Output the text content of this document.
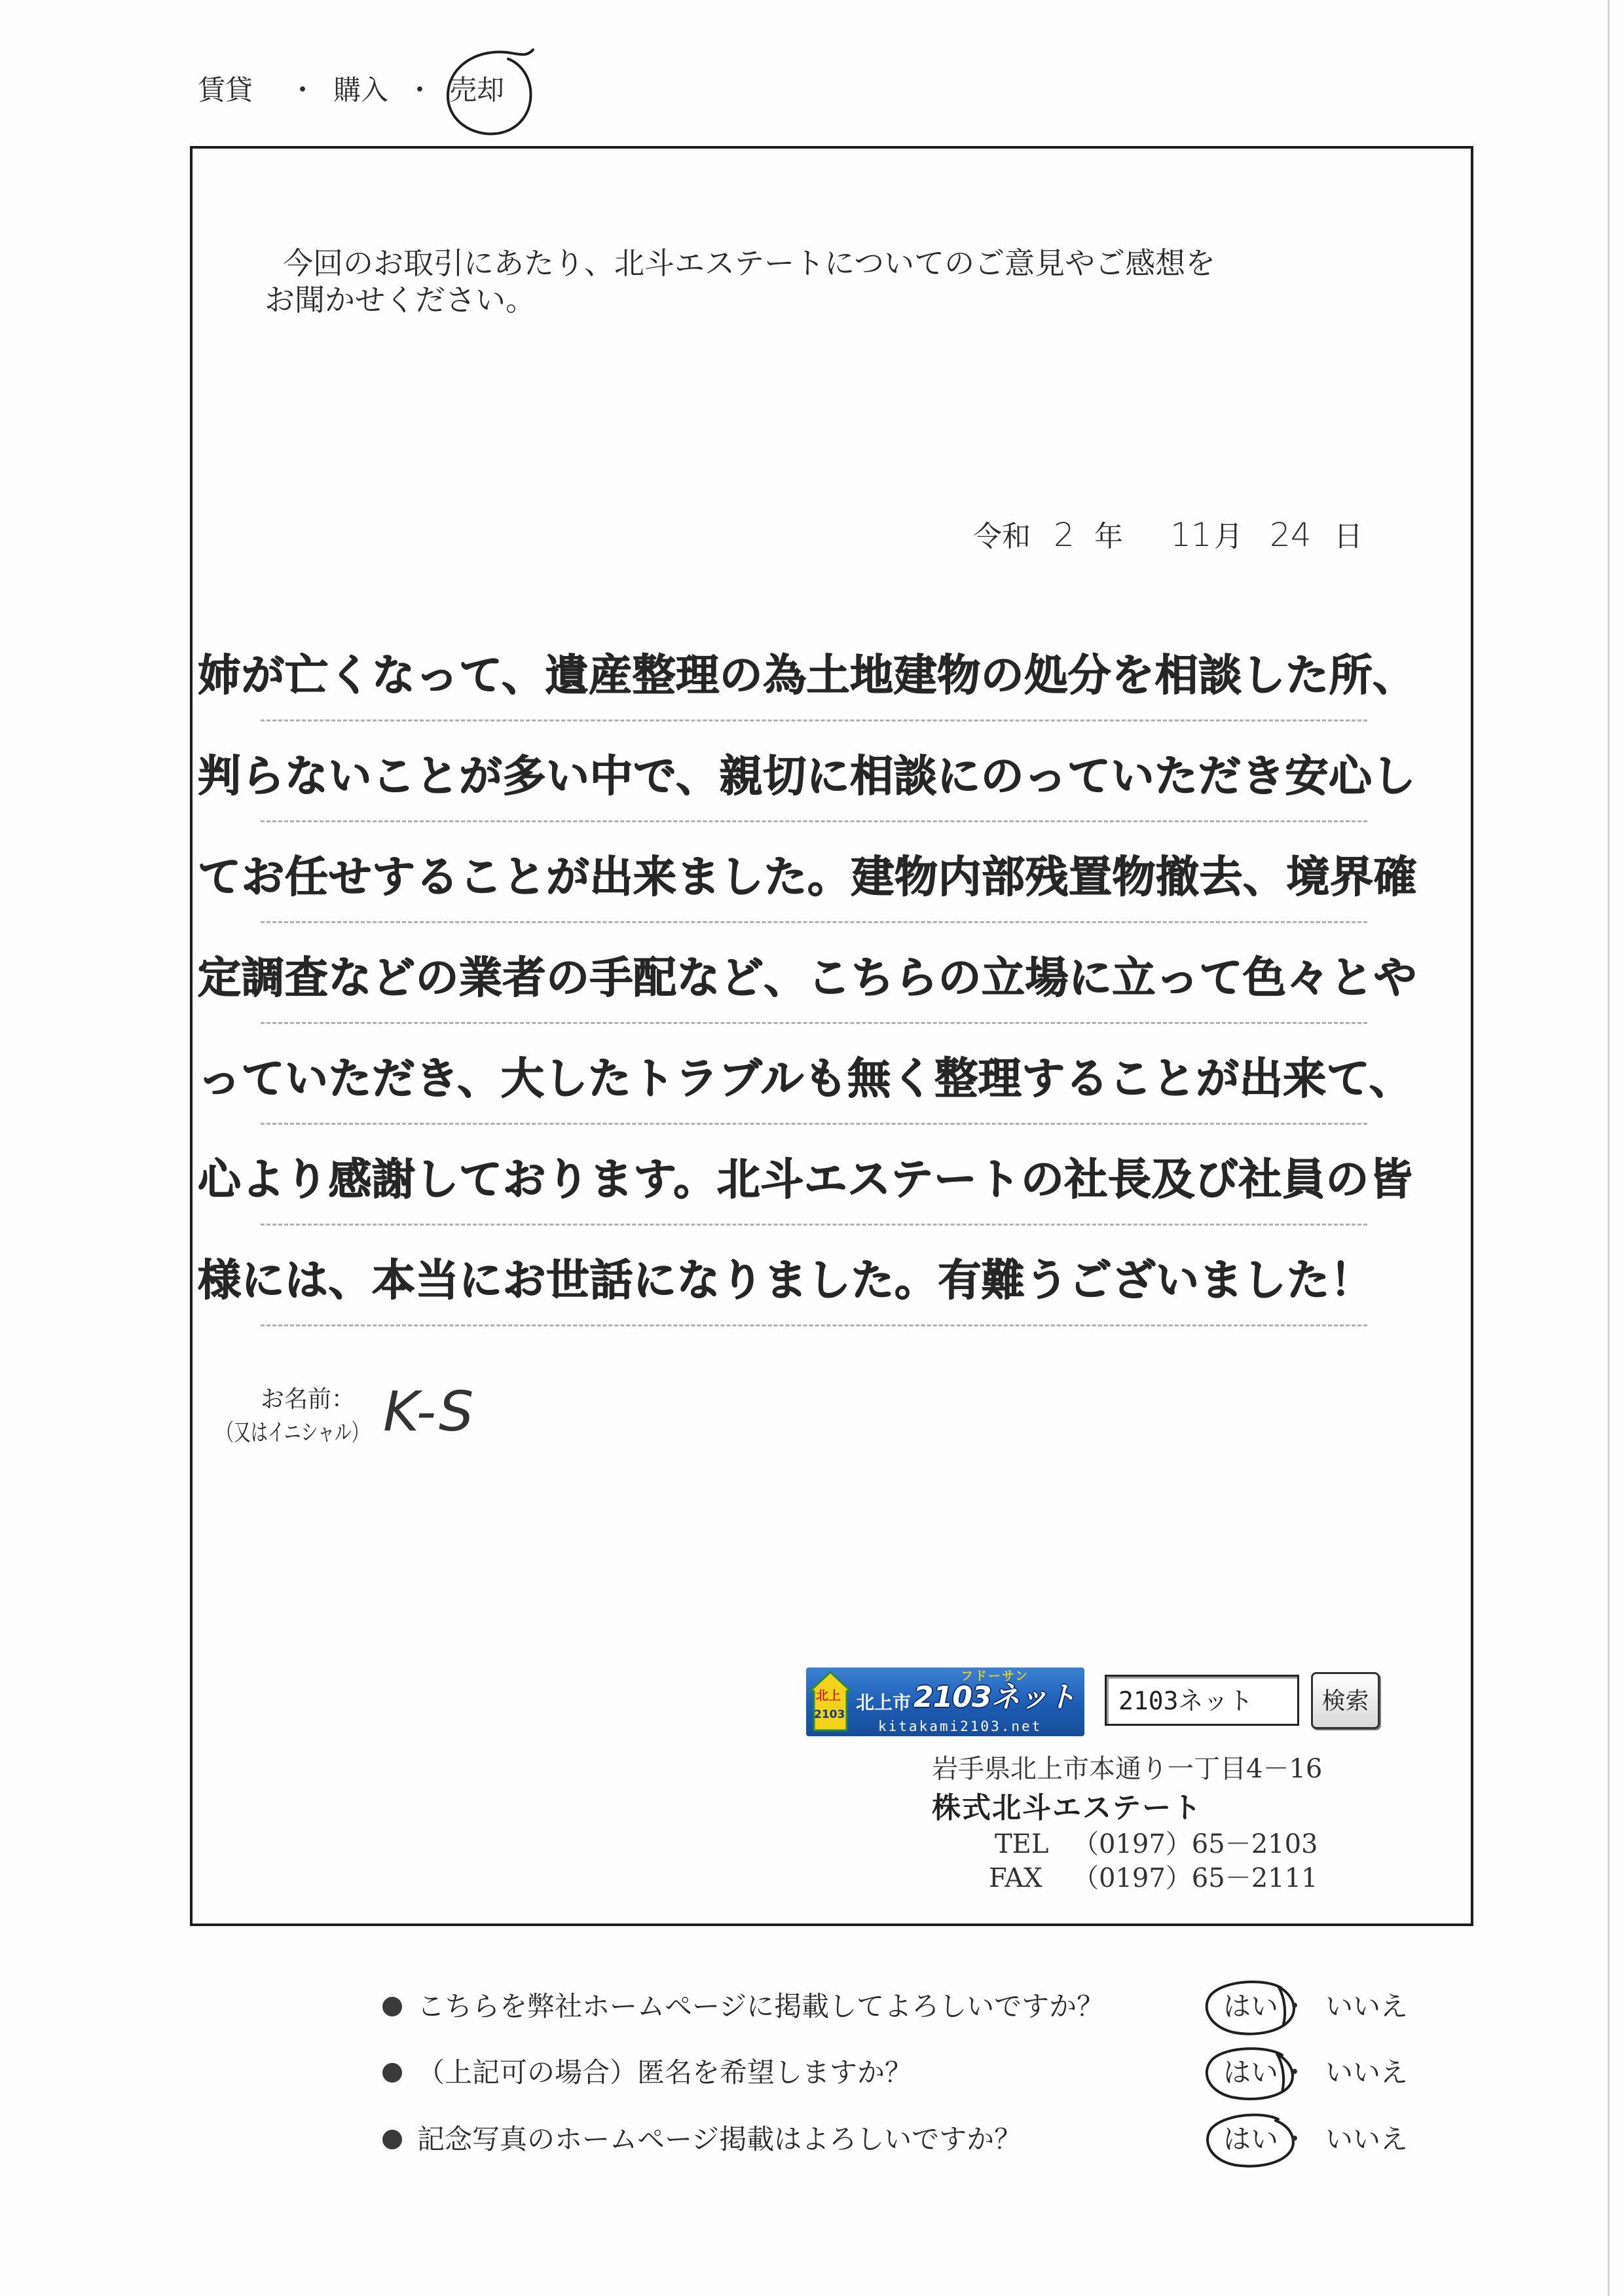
賃貸 ・ 購入 ・ 売却
今回のお取引にあたり、北斗エステートについてのご意見やご感想を
お聞かせください。
令和 2 年 11 月 24 日
姉が亡くなって、遺産整理の為土地建物の処分を相談した所、
判らないことが多い中で、親切に相談にのっていただき安心し
てお任せすることが出来ました。建物内部残置物撤去、境界確
定調査などの業者の手配など、こちらの立場に立って色々とや
っていただき、大したトラブルも無く整理することが出来て、
心より感謝しております。北斗エステートの社長及び社員の皆
様には、本当にお世話になりました。有難うございました！
お名前：
（又はイニシャル） K-S
北上
2103
北上市
フドーサン
2103ネット
kitakami2103.net
2103ネット	検索
岩手県北上市本通り一丁目4－16
株式北斗エステート
TEL （0197）65－2103
FAX （0197）65－2111
こちらを弊社ホームページに掲載してよろしいですか？	はい ・ いいえ
（上記可の場合）匿名を希望しますか？	はい ・ いいえ
記念写真のホームページ掲載はよろしいですか？	はい ・ いいえ
